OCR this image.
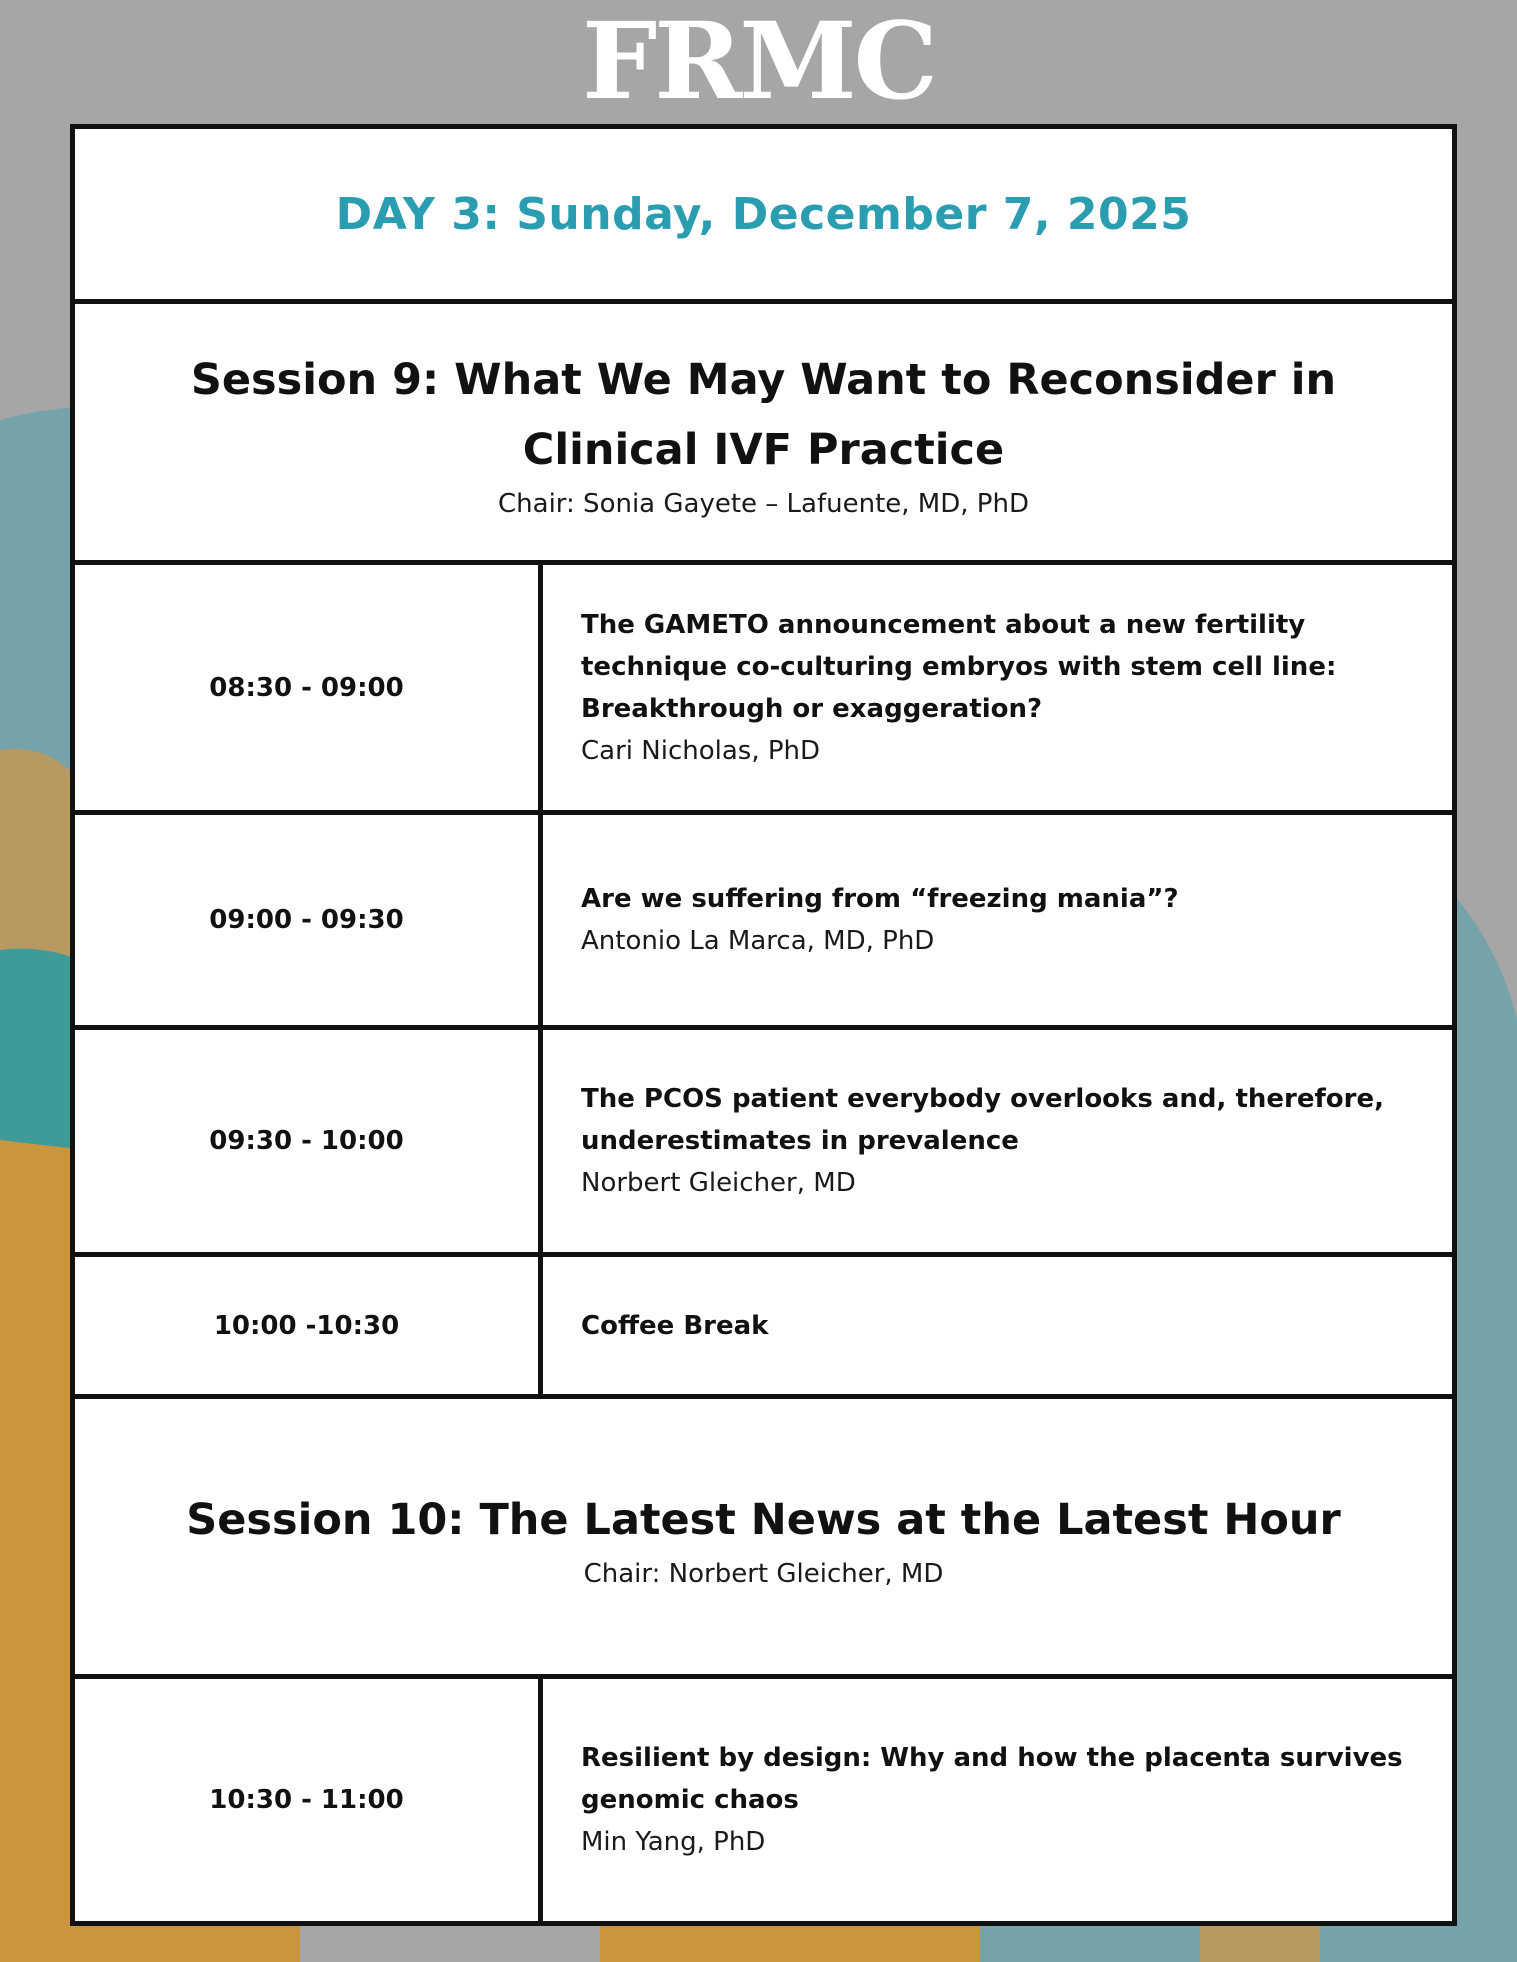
FRMC
DAY 3: Sunday, December 7, 2025
Session 9: What We May Want to Reconsider in Clinical IVF Practice
Chair: Sonia Gayete – Lafuente, MD, PhD
08:30 - 09:00
The GAMETO announcement about a new fertility technique co-culturing embryos with stem cell line: Breakthrough or exaggeration?
Cari Nicholas, PhD
09:00 - 09:30
Are we suffering from “freezing mania”?
Antonio La Marca, MD, PhD
09:30 - 10:00
The PCOS patient everybody overlooks and, therefore, underestimates in prevalence
Norbert Gleicher, MD
10:00 -10:30	Coffee Break
Session 10: The Latest News at the Latest Hour
Chair: Norbert Gleicher, MD
10:30 - 11:00
Resilient by design: Why and how the placenta survives genomic chaos
Min Yang, PhD
